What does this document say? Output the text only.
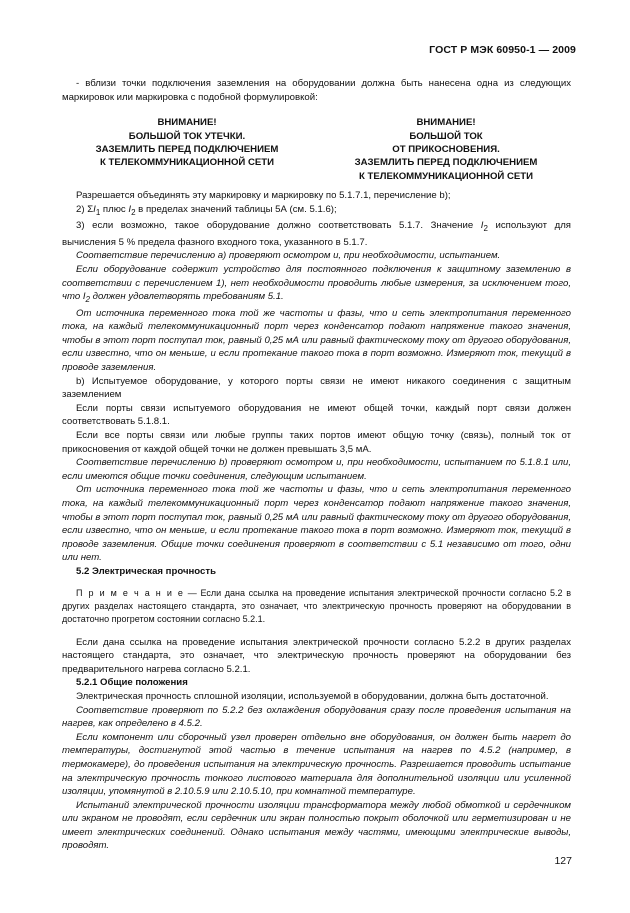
ГОСТ Р МЭК 60950-1 — 2009

- вблизи точки подключения заземления на оборудовании должна быть нанесена одна из следующих маркировок или маркировка с подобной формулировкой:

ВНИМАНИЕ!
БОЛЬШОЙ ТОК УТЕЧКИ.
ЗАЗЕМЛИТЬ ПЕРЕД ПОДКЛЮЧЕНИЕМ
К ТЕЛЕКОММУНИКАЦИОННОЙ СЕТИ
ВНИМАНИЕ!
БОЛЬШОЙ ТОК
ОТ ПРИКОСНОВЕНИЯ.
ЗАЗЕМЛИТЬ ПЕРЕД ПОДКЛЮЧЕНИЕМ
К ТЕЛЕКОММУНИКАЦИОННОЙ СЕТИ

Разрешается объединять эту маркировку и маркировку по 5.1.7.1, перечисление b);

2) $\Sigma I_1$ плюс $I_2$ в пределах значений таблицы 5А (см. 5.1.6);

3) если возможно, такое оборудование должно соответствовать 5.1.7. Значение $I_2$ используют для вычисления 5 % предела фазного входного тока, указанного в 5.1.7.

Соответствие перечислению a) проверяют осмотром и, при необходимости, испытанием.

Если оборудование содержит устройство для постоянного подключения к защитному заземлению в соответствии с перечислением 1), нет необходимости проводить любые измерения, за исключением того, что $I_2$ должен удовлетворять требованиям 5.1.

От источника переменного тока той же частоты и фазы, что и сеть электропитания переменного тока, на каждый телекоммуникационный порт через конденсатор подают напряжение такого значения, чтобы в этот порт поступал ток, равный 0,25 мА или равный фактическому току от другого оборудования, если известно, что он меньше, и если протекание такого тока в порт возможно. Измеряют ток, текущий в проводе заземления.

b) Испытуемое оборудование, у которого порты связи не имеют никакого соединения с защитным заземлением

Если порты связи испытуемого оборудования не имеют общей точки, каждый порт связи должен соответствовать 5.1.8.1.

Если все порты связи или любые группы таких портов имеют общую точку (связь), полный ток от прикосновения от каждой общей точки не должен превышать 3,5 мА.

Соответствие перечислению b) проверяют осмотром и, при необходимости, испытанием по 5.1.8.1 или, если имеются общие точки соединения, следующим испытанием.

От источника переменного тока той же частоты и фазы, что и сеть электропитания переменного тока, на каждый телекоммуникационный порт через конденсатор подают напряжение такого значения, чтобы в этот порт поступал ток, равный 0,25 мА или равный фактическому току от другого оборудования, если известно, что он меньше, и если протекание такого тока в порт возможно. Измеряют ток, текущий в проводе заземления. Общие точки соединения проверяют в соответствии с 5.1 независимо от того, одни или нет.

5.2 Электрическая прочность

П р и м е ч а н и е — Если дана ссылка на проведение испытания электрической прочности согласно 5.2 в других разделах настоящего стандарта, это означает, что электрическую прочность проверяют на оборудовании в достаточно прогретом состоянии согласно 5.2.1.

Если дана ссылка на проведение испытания электрической прочности согласно 5.2.2 в других разделах настоящего стандарта, это означает, что электрическую прочность проверяют на оборудовании без предварительного нагрева согласно 5.2.1.

5.2.1 Общие положения

Электрическая прочность сплошной изоляции, используемой в оборудовании, должна быть достаточной.

Соответствие проверяют по 5.2.2 без охлаждения оборудования сразу после проведения испытания на нагрев, как определено в 4.5.2.

Если компонент или сборочный узел проверен отдельно вне оборудования, он должен быть нагрет до температуры, достигнутой этой частью в течение испытания на нагрев по 4.5.2 (например, в термокамере), до проведения испытания на электрическую прочность. Разрешается проводить испытание на электрическую прочность тонкого листового материала для дополнительной изоляции или усиленной изоляции, упомянутой в 2.10.5.9 или 2.10.5.10, при комнатной температуре.

Испытаний электрической прочности изоляции трансформатора между любой обмоткой и сердечником или экраном не проводят, если сердечник или экран полностью покрыт оболочкой или герметизирован и не имеет электрических соединений. Однако испытания между частями, имеющими электрические выводы, проводят.

127
